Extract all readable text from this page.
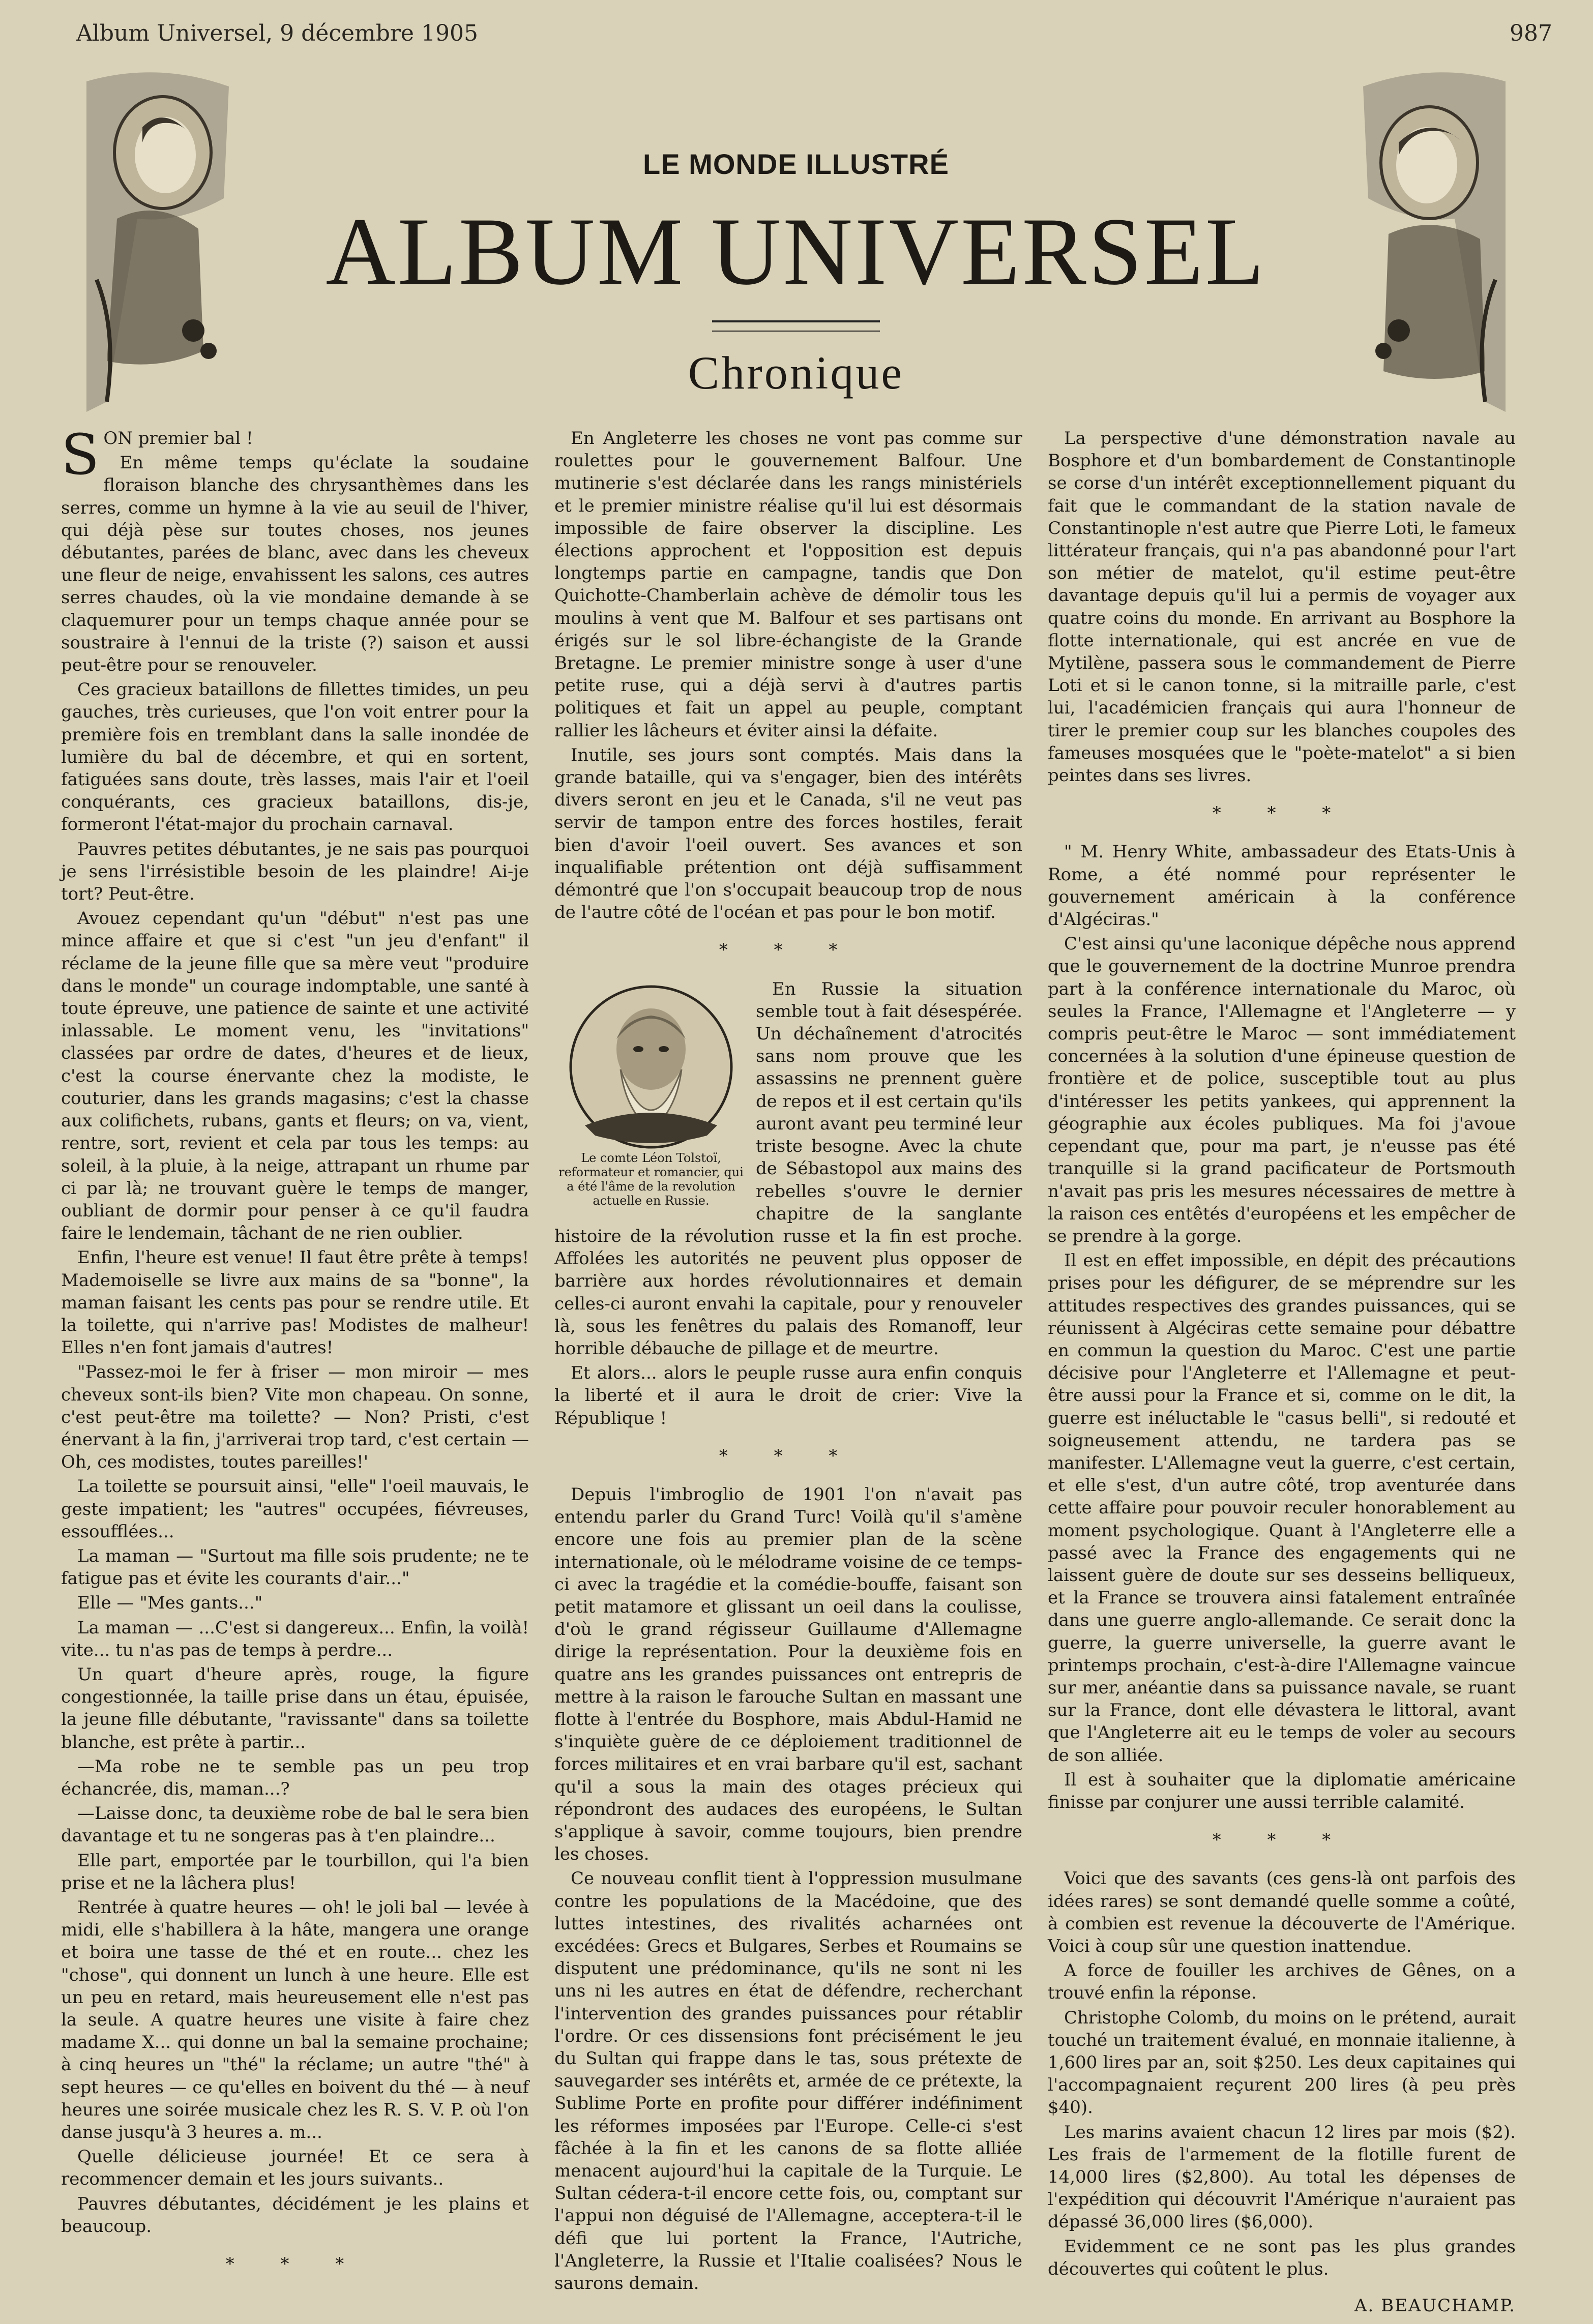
Album Universel, 9 décembre 1905	987
LE MONDE ILLUSTRÉ
ALBUM UNIVERSEL
Chronique

SON premier bal !

En même temps qu'éclate la soudaine floraison blanche des chrysanthèmes dans les serres, comme un hymne à la vie au seuil de l'hiver, qui déjà pèse sur toutes choses, nos jeunes débutantes, parées de blanc, avec dans les cheveux une fleur de neige, envahissent les salons, ces autres serres chaudes, où la vie mondaine demande à se claquemurer pour un temps chaque année pour se soustraire à l'ennui de la triste (?) saison et aussi peut-être pour se renouveler.

Ces gracieux bataillons de fillettes timides, un peu gauches, très curieuses, que l'on voit entrer pour la première fois en tremblant dans la salle inondée de lumière du bal de décembre, et qui en sortent, fatiguées sans doute, très lasses, mais l'air et l'oeil conquérants, ces gracieux bataillons, dis-je, formeront l'état-major du prochain carnaval.

Pauvres petites débutantes, je ne sais pas pourquoi je sens l'irrésistible besoin de les plaindre! Ai-je tort? Peut-être.

Avouez cependant qu'un "début" n'est pas une mince affaire et que si c'est "un jeu d'enfant" il réclame de la jeune fille que sa mère veut "produire dans le monde" un courage indomptable, une santé à toute épreuve, une patience de sainte et une activité inlassable. Le moment venu, les "invitations" classées par ordre de dates, d'heures et de lieux, c'est la course énervante chez la modiste, le couturier, dans les grands magasins; c'est la chasse aux colifichets, rubans, gants et fleurs; on va, vient, rentre, sort, revient et cela par tous les temps: au soleil, à la pluie, à la neige, attrapant un rhume par ci par là; ne trouvant guère le temps de manger, oubliant de dormir pour penser à ce qu'il faudra faire le lendemain, tâchant de ne rien oublier.

Enfin, l'heure est venue! Il faut être prête à temps! Mademoiselle se livre aux mains de sa "bonne", la maman faisant les cents pas pour se rendre utile. Et la toilette, qui n'arrive pas! Modistes de malheur! Elles n'en font jamais d'autres!

"Passez-moi le fer à friser — mon miroir — mes cheveux sont-ils bien? Vite mon chapeau. On sonne, c'est peut-être ma toilette? — Non? Pristi, c'est énervant à la fin, j'arriverai trop tard, c'est certain — Oh, ces modistes, toutes pareilles!'

La toilette se poursuit ainsi, "elle" l'oeil mauvais, le geste impatient; les "autres" occupées, fiévreuses, essoufflées...

La maman — "Surtout ma fille sois prudente; ne te fatigue pas et évite les courants d'air..."

Elle — "Mes gants..."

La maman — ...C'est si dangereux... Enfin, la voilà! vite... tu n'as pas de temps à perdre...

Un quart d'heure après, rouge, la figure congestionnée, la taille prise dans un étau, épuisée, la jeune fille débutante, "ravissante" dans sa toilette blanche, est prête à partir...

—Ma robe ne te semble pas un peu trop échancrée, dis, maman...?

—Laisse donc, ta deuxième robe de bal le sera bien davantage et tu ne songeras pas à t'en plaindre...

Elle part, emportée par le tourbillon, qui l'a bien prise et ne la lâchera plus!

Rentrée à quatre heures — oh! le joli bal — levée à midi, elle s'habillera à la hâte, mangera une orange et boira une tasse de thé et en route... chez les "chose", qui donnent un lunch à une heure. Elle est un peu en retard, mais heureusement elle n'est pas la seule. A quatre heures une visite à faire chez madame X... qui donne un bal la semaine prochaine; à cinq heures un "thé" la réclame; un autre "thé" à sept heures — ce qu'elles en boivent du thé — à neuf heures une soirée musicale chez les R. S. V. P. où l'on danse jusqu'à 3 heures a. m...

Quelle délicieuse journée! Et ce sera à recommencer demain et les jours suivants..

Pauvres débutantes, décidément je les plains et beaucoup.

* * *

En Angleterre les choses ne vont pas comme sur roulettes pour le gouvernement Balfour. Une mutinerie s'est déclarée dans les rangs ministériels et le premier ministre réalise qu'il lui est désormais impossible de faire observer la discipline. Les élections approchent et l'opposition est depuis longtemps partie en campagne, tandis que Don Quichotte-Chamberlain achève de démolir tous les moulins à vent que M. Balfour et ses partisans ont érigés sur le sol libre-échangiste de la Grande Bretagne. Le premier ministre songe à user d'une petite ruse, qui a déjà servi à d'autres partis politiques et fait un appel au peuple, comptant rallier les lâcheurs et éviter ainsi la défaite.

Inutile, ses jours sont comptés. Mais dans la grande bataille, qui va s'engager, bien des intérêts divers seront en jeu et le Canada, s'il ne veut pas servir de tampon entre des forces hostiles, ferait bien d'avoir l'oeil ouvert. Ses avances et son inqualifiable prétention ont déjà suffisamment démontré que l'on s'occupait beaucoup trop de nous de l'autre côté de l'océan et pas pour le bon motif.

* * *
Le comte Léon Tolstoï, reformateur et romancier, qui a été l'âme de la revolution actuelle en Russie.

En Russie la situation semble tout à fait désespérée. Un déchaînement d'atrocités sans nom prouve que les assassins ne prennent guère de repos et il est certain qu'ils auront avant peu terminé leur triste besogne. Avec la chute de Sébastopol aux mains des rebelles s'ouvre le dernier chapitre de la sanglante histoire de la révolution russe et la fin est proche. Affolées les autorités ne peuvent plus opposer de barrière aux hordes révolutionnaires et demain celles-ci auront envahi la capitale, pour y renouveler là, sous les fenêtres du palais des Romanoff, leur horrible débauche de pillage et de meurtre.

Et alors... alors le peuple russe aura enfin conquis la liberté et il aura le droit de crier: Vive la République !

* * *

Depuis l'imbroglio de 1901 l'on n'avait pas entendu parler du Grand Turc! Voilà qu'il s'amène encore une fois au premier plan de la scène internationale, où le mélodrame voisine de ce temps-ci avec la tragédie et la comédie-bouffe, faisant son petit matamore et glissant un oeil dans la coulisse, d'où le grand régisseur Guillaume d'Allemagne dirige la représentation. Pour la deuxième fois en quatre ans les grandes puissances ont entrepris de mettre à la raison le farouche Sultan en massant une flotte à l'entrée du Bosphore, mais Abdul-Hamid ne s'inquiète guère de ce déploiement traditionnel de forces militaires et en vrai barbare qu'il est, sachant qu'il a sous la main des otages précieux qui répondront des audaces des européens, le Sultan s'applique à savoir, comme toujours, bien prendre les choses.

Ce nouveau conflit tient à l'oppression musulmane contre les populations de la Macédoine, que des luttes intestines, des rivalités acharnées ont excédées: Grecs et Bulgares, Serbes et Roumains se disputent une prédominance, qu'ils ne sont ni les uns ni les autres en état de défendre, recherchant l'intervention des grandes puissances pour rétablir l'ordre. Or ces dissensions font précisément le jeu du Sultan qui frappe dans le tas, sous prétexte de sauvegarder ses intérêts et, armée de ce prétexte, la Sublime Porte en profite pour différer indéfiniment les réformes imposées par l'Europe. Celle-ci s'est fâchée à la fin et les canons de sa flotte alliée menacent aujourd'hui la capitale de la Turquie. Le Sultan cédera-t-il encore cette fois, ou, comptant sur l'appui non déguisé de l'Allemagne, acceptera-t-il le défi que lui portent la France, l'Autriche, l'Angleterre, la Russie et l'Italie coalisées? Nous le saurons demain.

La perspective d'une démonstration navale au Bosphore et d'un bombardement de Constantinople se corse d'un intérêt exceptionnellement piquant du fait que le commandant de la station navale de Constantinople n'est autre que Pierre Loti, le fameux littérateur français, qui n'a pas abandonné pour l'art son métier de matelot, qu'il estime peut-être davantage depuis qu'il lui a permis de voyager aux quatre coins du monde. En arrivant au Bosphore la flotte internationale, qui est ancrée en vue de Mytilène, passera sous le commandement de Pierre Loti et si le canon tonne, si la mitraille parle, c'est lui, l'académicien français qui aura l'honneur de tirer le premier coup sur les blanches coupoles des fameuses mosquées que le "poète-matelot" a si bien peintes dans ses livres.

* * *

" M. Henry White, ambassadeur des Etats-Unis à Rome, a été nommé pour représenter le gouvernement américain à la conférence d'Algéciras."

C'est ainsi qu'une laconique dépêche nous apprend que le gouvernement de la doctrine Munroe prendra part à la conférence internationale du Maroc, où seules la France, l'Allemagne et l'Angleterre — y compris peut-être le Maroc — sont immédiatement concernées à la solution d'une épineuse question de frontière et de police, susceptible tout au plus d'intéresser les petits yankees, qui apprennent la géographie aux écoles publiques. Ma foi j'avoue cependant que, pour ma part, je n'eusse pas été tranquille si la grand pacificateur de Portsmouth n'avait pas pris les mesures nécessaires de mettre à la raison ces entêtés d'européens et les empêcher de se prendre à la gorge.

Il est en effet impossible, en dépit des précautions prises pour les défigurer, de se méprendre sur les attitudes respectives des grandes puissances, qui se réunissent à Algéciras cette semaine pour débattre en commun la question du Maroc. C'est une partie décisive pour l'Angleterre et l'Allemagne et peut-être aussi pour la France et si, comme on le dit, la guerre est inéluctable le "casus belli", si redouté et soigneusement attendu, ne tardera pas se manifester. L'Allemagne veut la guerre, c'est certain, et elle s'est, d'un autre côté, trop aventurée dans cette affaire pour pouvoir reculer honorablement au moment psychologique. Quant à l'Angleterre elle a passé avec la France des engagements qui ne laissent guère de doute sur ses desseins belliqueux, et la France se trouvera ainsi fatalement entraînée dans une guerre anglo-allemande. Ce serait donc la guerre, la guerre universelle, la guerre avant le printemps prochain, c'est-à-dire l'Allemagne vaincue sur mer, anéantie dans sa puissance navale, se ruant sur la France, dont elle dévastera le littoral, avant que l'Angleterre ait eu le temps de voler au secours de son alliée.

Il est à souhaiter que la diplomatie américaine finisse par conjurer une aussi terrible calamité.

* * *

Voici que des savants (ces gens-là ont parfois des idées rares) se sont demandé quelle somme a coûté, à combien est revenue la découverte de l'Amérique. Voici à coup sûr une question inattendue.

A force de fouiller les archives de Gênes, on a trouvé enfin la réponse.

Christophe Colomb, du moins on le prétend, aurait touché un traitement évalué, en monnaie italienne, à 1,600 lires par an, soit $250. Les deux capitaines qui l'accompagnaient reçurent 200 lires (à peu près $40).

Les marins avaient chacun 12 lires par mois ($2). Les frais de l'armement de la flotille furent de 14,000 lires ($2,800). Au total les dépenses de l'expédition qui découvrit l'Amérique n'auraient pas dépassé 36,000 lires ($6,000).

Evidemment ce ne sont pas les plus grandes découvertes qui coûtent le plus.

A. BEAUCHAMP.
